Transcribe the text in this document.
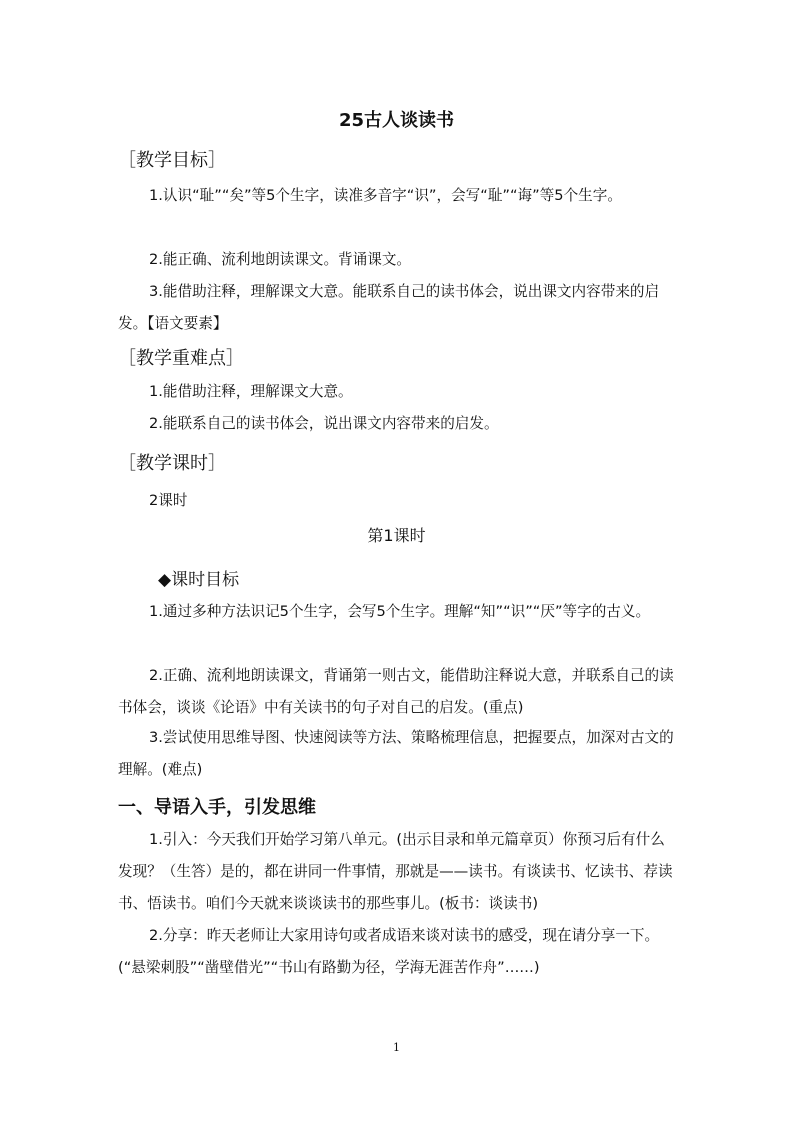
25古人谈读书
［教学目标］

1.认识“耻”“矣”等5个生字，读准多音字“识”，会写“耻”“诲”等5个生字。

2.能正确、流利地朗读课文。背诵课文。

3.能借助注释，理解课文大意。能联系自己的读书体会，说出课文内容带来的启发。【语文要素】

［教学重难点］

1.能借助注释，理解课文大意。

2.能联系自己的读书体会，说出课文内容带来的启发。

［教学课时］
2课时
第1课时
◆课时目标

1.通过多种方法识记5个生字，会写5个生字。理解“知”“识”“厌”等字的古义。

2.正确、流利地朗读课文，背诵第一则古文，能借助注释说大意，并联系自己的读书体会，谈谈《论语》中有关读书的句子对自己的启发。(重点)

3.尝试使用思维导图、快速阅读等方法、策略梳理信息，把握要点，加深对古文的理解。(难点)

一、导语入手，引发思维

1.引入：今天我们开始学习第八单元。(出示目录和单元篇章页）你预习后有什么发现？（生答）是的，都在讲同一件事情，那就是——读书。有谈读书、忆读书、荐读书、悟读书。咱们今天就来谈谈读书的那些事儿。(板书：谈读书)

2.分享：昨天老师让大家用诗句或者成语来谈对读书的感受，现在请分享一下。(“悬梁刺股”“凿壁借光”“书山有路勤为径，学海无涯苦作舟”……)

1
